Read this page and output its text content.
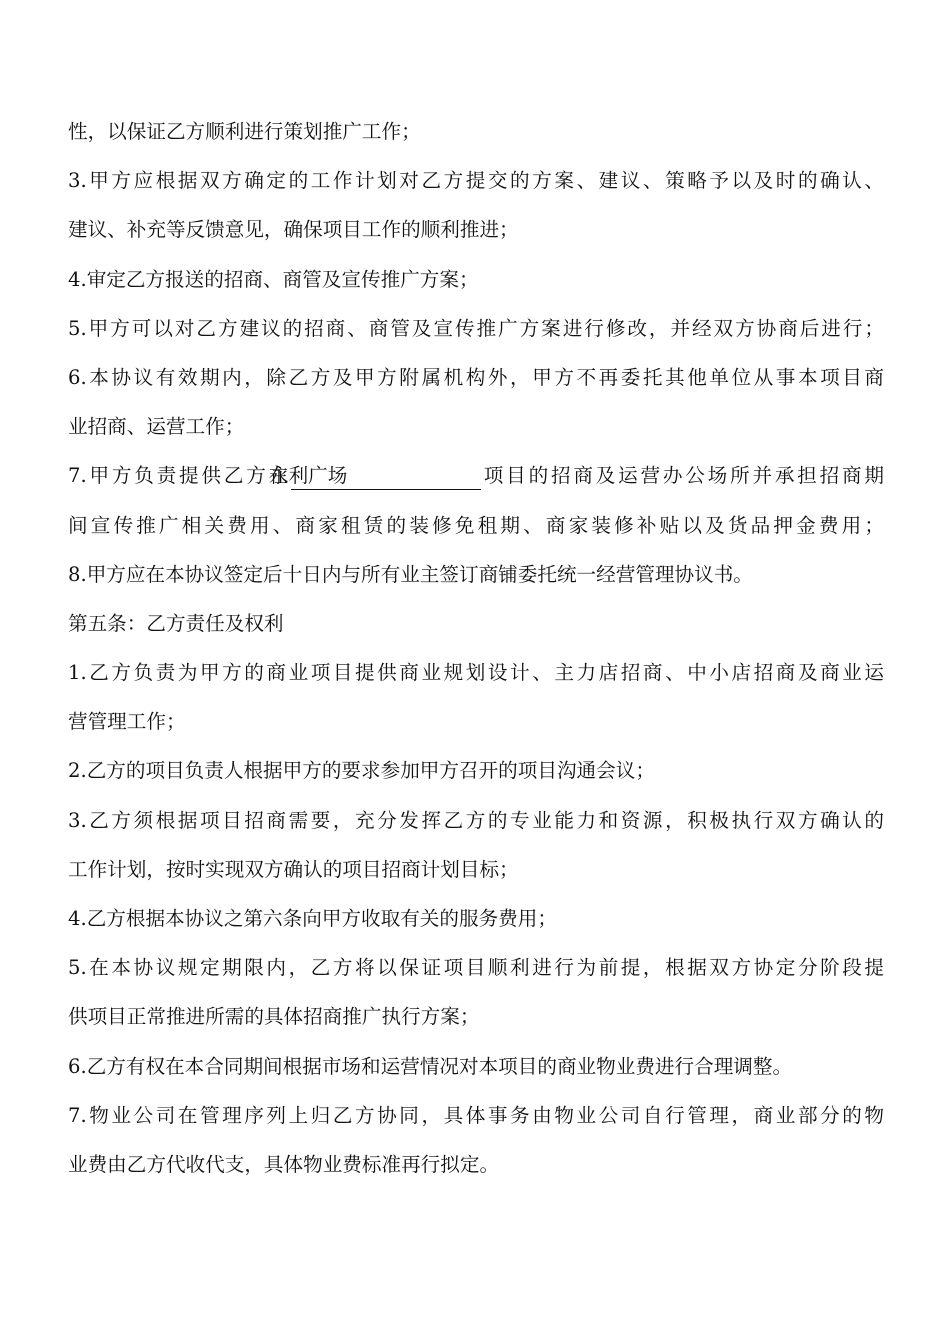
性，以保证乙方顺利进行策划推广工作；
3.甲方应根据双方确定的工作计划对乙方提交的方案、建议、策略予以及时的确认、
建议、补充等反馈意见，确保项目工作的顺利推进；
4.审定乙方报送的招商、商管及宣传推广方案；
5.甲方可以对乙方建议的招商、商管及宣传推广方案进行修改，并经双方协商后进行；
6.本协议有效期内，除乙方及甲方附属机构外，甲方不再委托其他单位从事本项目商
业招商、运营工作；
7.甲方负责提供乙方在永利广场	项目的招商及运营办公场所并承担招商期
间宣传推广相关费用、商家租赁的装修免租期、商家装修补贴以及货品押金费用；
8.甲方应在本协议签定后十日内与所有业主签订商铺委托统一经营管理协议书。
第五条：乙方责任及权利
1.乙方负责为甲方的商业项目提供商业规划设计、主力店招商、中小店招商及商业运
营管理工作；
2.乙方的项目负责人根据甲方的要求参加甲方召开的项目沟通会议；
3.乙方须根据项目招商需要，充分发挥乙方的专业能力和资源，积极执行双方确认的
工作计划，按时实现双方确认的项目招商计划目标；
4.乙方根据本协议之第六条向甲方收取有关的服务费用；
5.在本协议规定期限内，乙方将以保证项目顺利进行为前提，根据双方协定分阶段提
供项目正常推进所需的具体招商推广执行方案；
6.乙方有权在本合同期间根据市场和运营情况对本项目的商业物业费进行合理调整。
7.物业公司在管理序列上归乙方协同，具体事务由物业公司自行管理，商业部分的物
业费由乙方代收代支，具体物业费标准再行拟定。
